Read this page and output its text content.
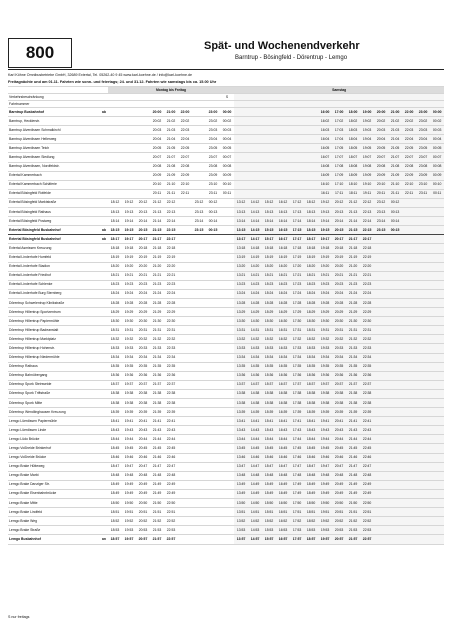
800	Spät- und Wochenendverkehr
Barntrup - Bösingfeld - Dörentrup - Lemgo
Karl Köhne Omnibusbetriebe GmbH, 32689 Extertal, Tel. 05262-40 9 45 www.karl-koehne.de / info@karl-koehne.de
Freitagnächte und am 01.11. Fahrten wie sonn- und feiertags; 24. und 31.12. Fahrten wie samstags bis ca. 15.00 Uhr
		Montag bis Freitag									Samstag														
Verkehrsbeschränkung										S															
Fahrtnummer																									
Barntrup Busbahnhof	ab				20:00	21:00	22:00		23:00	00:00							16:00	17:00	18:00	19:00	20:00	21:00	22:00	23:00	00:00
Barntrup, Hecklerstr.					20:02	21:02	22:02		23:02	00:02							16:02	17:02	18:02	19:02	20:02	21:02	22:02	23:02	00:02
Barntrup Alverdissen Schmalkirchl					20:03	21:03	22:03		23:03	00:03							16:03	17:03	18:03	19:03	20:03	21:03	22:03	23:03	00:03
Barntrup Alverdissen Hellerweg					20:04	21:04	22:04		23:04	00:04							16:04	17:04	18:04	19:04	20:04	21:04	22:04	23:04	00:04
Barntrup Alverdissen Teich					20:05	21:05	22:05		23:05	00:05							16:05	17:05	18:05	19:05	20:05	21:05	22:05	23:05	00:05
Barntrup Alverdissen Siedlung					20:07	21:07	22:07		23:07	00:07							16:07	17:07	18:07	19:07	20:07	21:07	22:07	23:07	00:07
Barntrup Alverdissen, Nordfeldstr.					20:08	21:08	22:08		23:08	00:08							16:08	17:08	18:08	19:08	20:08	21:08	22:08	23:08	00:08
Extertal Kammerbach					20:09	21:09	22:09		23:09	00:09							16:09	17:09	18:09	19:09	20:09	21:09	22:09	23:09	00:09
Extertal Kammerbach Schäferie					20:10	21:10	22:10		23:10	00:10							16:10	17:10	18:10	19:10	20:10	21:10	22:10	23:10	00:10
Extertal Bösingfeld Rotfelde					20:11	21:11	22:11		23:11	00:11							16:11	17:11	18:11	19:11	20:11	21:11	22:11	23:11	00:11
Extertal Bösingfeld Marktstraße		18:12	19:12	20:12	21:12	22:12		23:12	00:12		13:12	14:12	15:12	16:12	17:12	18:12	19:12	20:12	21:12	22:12	23:12	00:12			
Extertal Bösingfeld Rathaus		18:13	19:13	20:13	21:13	22:13		23:13	00:13		13:13	14:13	15:13	16:13	17:13	18:13	19:13	20:13	21:13	22:13	23:13	00:13			
Extertal Bösingfeld Postweg		18:14	19:14	20:14	21:14	22:14		23:14	00:14		13:14	14:14	15:14	16:14	17:14	18:14	19:14	20:14	21:14	22:14	23:14	00:14			
Extertal Bösingfeld Busbahnhof	ab	18:15	19:15	20:15	21:15	22:15		23:15	00:15		13:15	14:15	15:15	16:15	17:15	18:15	19:15	20:15	21:15	22:15	23:15	00:15			
Extertal Bösingfeld Busbahnhof	ab	18:17	19:17	20:17	21:17	22:17					13:17	14:17	15:17	16:17	17:17	18:17	19:17	20:17	21:17	22:17					
Extertal Asmissen Kreuzung		18:18	19:18	20:18	21:18	22:18					13:18	14:18	15:18	16:18	17:18	18:18	19:18	20:18	21:18	22:18					
Extertal Linderhofe Humfeld		18:19	19:19	20:19	21:19	22:19					13:19	14:19	15:19	16:19	17:19	18:19	19:19	20:19	21:19	22:19					
Extertal Linderhofe Stadion		18:20	19:20	20:20	21:20	22:20					13:20	14:20	15:20	16:20	17:20	18:20	19:20	20:20	21:20	22:20					
Extertal Linderhofe Friedhof		18:21	19:21	20:21	21:21	22:21					13:21	14:21	15:21	16:21	17:21	18:21	19:21	20:21	21:21	22:21					
Extertal Linderhofe Schlenke		18:23	19:23	20:23	21:23	22:23					13:23	14:23	15:23	16:23	17:23	18:23	19:23	20:23	21:23	22:23					
Extertal Linderhofe Burg Sternberg		18:24	19:24	20:24	21:24	22:24					13:24	14:24	15:24	16:24	17:24	18:24	19:24	20:24	21:24	22:24					
Dörentrup Schwelentrup Klinikstraße		18:28	19:28	20:28	21:28	22:28					13:28	14:28	15:28	16:28	17:28	18:28	19:28	20:28	21:28	22:28					
Dörentrup Hillentrup Sportzentrum		18:29	19:29	20:29	21:29	22:29					13:29	14:29	15:29	16:29	17:29	18:29	19:29	20:29	21:29	22:29					
Dörentrup Hillentrup Papiermühle		18:30	19:30	20:30	21:30	22:30					13:30	14:30	15:30	16:30	17:30	18:30	19:30	20:30	21:30	22:30					
Dörentrup Hillentrup Badeanstalt		18:31	19:31	20:31	21:31	22:31					13:31	14:31	15:31	16:31	17:31	18:31	19:31	20:31	21:31	22:31					
Dörentrup Hillentrup Marktplatz		18:32	19:32	20:32	21:32	22:32					13:32	14:32	15:32	16:32	17:32	18:32	19:32	20:32	21:32	22:32					
Dörentrup Hillentrup Hohenstr.		18:33	19:33	20:33	21:33	22:33					13:33	14:33	15:33	16:33	17:33	18:33	19:33	20:33	21:33	22:33					
Dörentrup Hillentrup Niedermühle		18:34	19:34	20:34	21:34	22:34					13:34	14:34	15:34	16:34	17:34	18:34	19:34	20:34	21:34	22:34					
Dörentrup Rathaus		18:35	19:35	20:35	21:35	22:35					13:35	14:35	15:35	16:35	17:35	18:35	19:35	20:35	21:35	22:35					
Dörentrup Bahnübergang		18:36	19:36	20:36	21:36	22:36					13:36	14:36	15:36	16:36	17:36	18:36	19:36	20:36	21:36	22:36					
Dörentrup Spork Steinweide		18:37	19:37	20:37	21:37	22:37					13:37	14:37	15:37	16:37	17:37	18:37	19:37	20:37	21:37	22:37					
Dörentrup Spork Triftstraße		18:38	19:38	20:38	21:38	22:38					13:38	14:38	15:38	16:38	17:38	18:38	19:38	20:38	21:38	22:38					
Dörentrup Spork Mitte		18:38	19:38	20:38	21:38	22:38					13:38	14:38	15:38	16:38	17:38	18:38	19:38	20:38	21:38	22:38					
Dörentrup Wendlinghausen Kreuzung		18:39	19:39	20:39	21:39	22:39					13:39	14:39	15:39	16:39	17:39	18:39	19:39	20:39	21:39	22:39					
Lemgo Lüerdissen Papiermühle		18:41	19:41	20:41	21:41	22:41					13:41	14:41	15:41	16:41	17:41	18:41	19:41	20:41	21:41	22:41					
Lemgo Lüerdissen Linde		18:43	19:43	20:43	21:43	22:43					13:43	14:43	15:43	16:43	17:43	18:43	19:43	20:43	21:43	22:43					
Lemgo Lüdo Brücke		18:44	19:44	20:44	21:44	22:44					13:44	14:44	15:44	16:44	17:44	18:44	19:44	20:44	21:44	22:44					
Lemgo Voßheide Brinkerhof		18:45	19:45	20:45	21:45	22:45					13:45	14:45	15:45	16:45	17:45	18:45	19:45	20:45	21:45	22:45					
Lemgo Voßheide Brücke		18:46	19:46	20:46	21:46	22:46					13:46	14:46	15:46	16:46	17:46	18:46	19:46	20:46	21:46	22:46					
Lemgo Brake Hütteweg		18:47	19:47	20:47	21:47	22:47					13:47	14:47	15:47	16:47	17:47	18:47	19:47	20:47	21:47	22:47					
Lemgo Brake Markt		18:48	19:48	20:48	21:48	22:48					13:48	14:48	15:48	16:48	17:48	18:48	19:48	20:48	21:48	22:48					
Lemgo Brake Danziger Str.		18:49	19:49	20:49	21:49	22:49					13:49	14:49	15:49	16:49	17:49	18:49	19:49	20:49	21:49	22:49					
Lemgo Brake Eisenbahnbrücke		18:49	19:49	20:49	21:49	22:49					13:49	14:49	15:49	16:49	17:49	18:49	19:49	20:49	21:49	22:49					
Lemgo Brake Mitte		18:50	19:50	20:50	21:50	22:50					13:50	14:50	15:50	16:50	17:50	18:50	19:50	20:50	21:50	22:50					
Lemgo Brake Lindfeld		18:51	19:51	20:51	21:51	22:51					13:51	14:51	15:51	16:51	17:51	18:51	19:51	20:51	21:51	22:51					
Lemgo Brake Weg		18:52	19:52	20:52	21:52	22:52					13:52	14:52	15:52	16:52	17:52	18:52	19:52	20:52	21:52	22:52					
Lemgo Brake Straße		18:53	19:53	20:53	21:53	22:53					13:53	14:53	15:53	16:53	17:53	18:53	19:53	20:53	21:53	22:53					
Lemgo Busbahnhof	an	18:57	19:57	20:57	21:57	22:57					13:57	14:57	15:57	16:57	17:57	18:57	19:57	20:57	21:57	22:57					
S nur freitags
